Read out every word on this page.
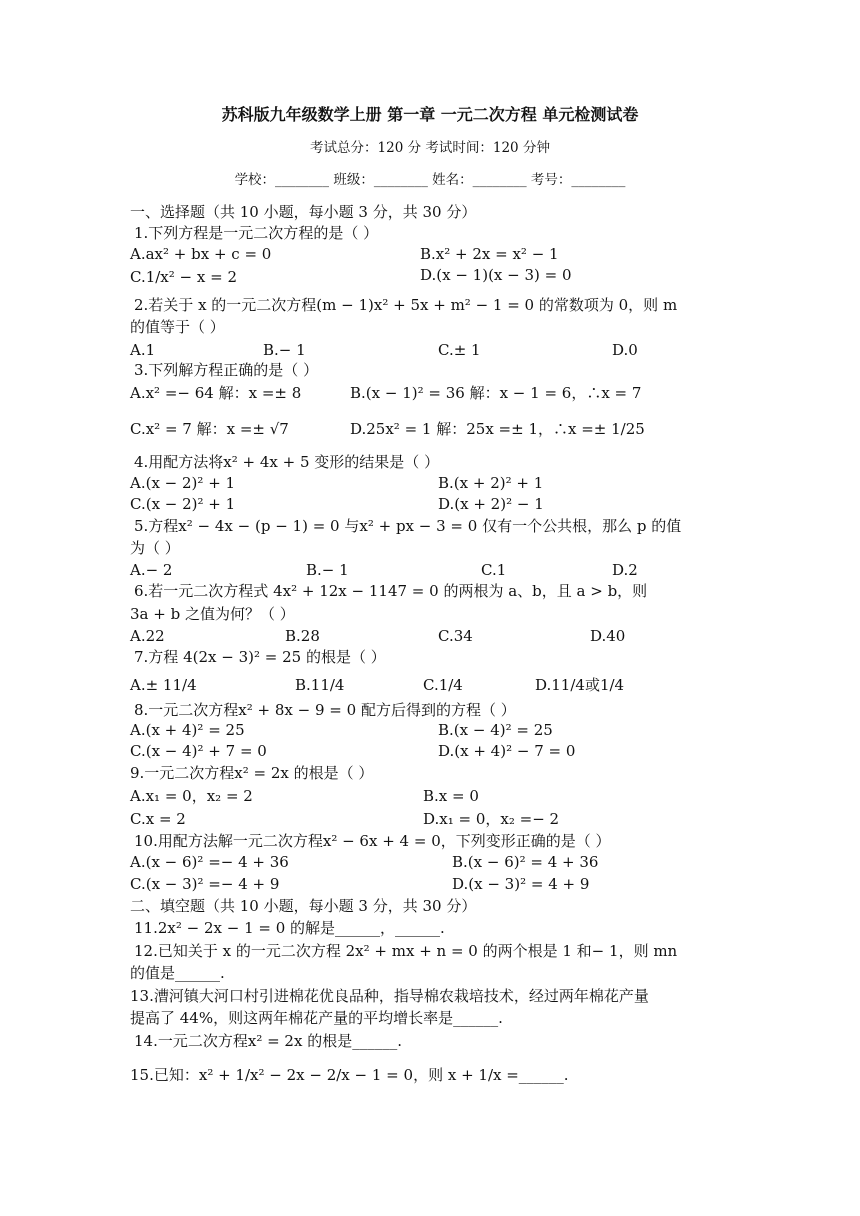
苏科版九年级数学上册 第一章 一元二次方程 单元检测试卷
考试总分：120 分 考试时间：120 分钟
学校：________ 班级：________ 姓名：________ 考号：________
一、选择题（共 10 小题，每小题 3 分，共 30 分）
1.下列方程是一元二次方程的是（ ）
A.ax² + bx + c = 0	B.x² + 2x = x² − 1
C.1/x² − x = 2	D.(x − 1)(x − 3) = 0
2.若关于 x 的一元二次方程(m − 1)x² + 5x + m² − 1 = 0 的常数项为 0，则 m
的值等于（ ）
A.1	B.− 1	C.± 1	D.0
3.下列解方程正确的是（ ）
A.x² =− 64 解：x =± 8	B.(x − 1)² = 36 解：x − 1 = 6，∴x = 7
C.x² = 7 解：x =± √7	D.25x² = 1 解：25x =± 1，∴x =± 1/25
4.用配方法将x² + 4x + 5 变形的结果是（ ）
A.(x − 2)² + 1	B.(x + 2)² + 1
C.(x − 2)² + 1	D.(x + 2)² − 1
5.方程x² − 4x − (p − 1) = 0 与x² + px − 3 = 0 仅有一个公共根，那么 p 的值
为（ ）
A.− 2	B.− 1	C.1	D.2
6.若一元二次方程式 4x² + 12x − 1147 = 0 的两根为 a、b，且 a > b，则
3a + b 之值为何？（ ）
A.22	B.28	C.34	D.40
7.方程 4(2x − 3)² = 25 的根是（ ）
A.± 11/4	B.11/4	C.1/4	D.11/4或1/4
8.一元二次方程x² + 8x − 9 = 0 配方后得到的方程（ ）
A.(x + 4)² = 25	B.(x − 4)² = 25
C.(x − 4)² + 7 = 0	D.(x + 4)² − 7 = 0
9.一元二次方程x² = 2x 的根是（ ）
A.x₁ = 0，x₂ = 2	B.x = 0
C.x = 2	D.x₁ = 0，x₂ =− 2
10.用配方法解一元二次方程x² − 6x + 4 = 0，下列变形正确的是（ ）
A.(x − 6)² =− 4 + 36	B.(x − 6)² = 4 + 36
C.(x − 3)² =− 4 + 9	D.(x − 3)² = 4 + 9
二、填空题（共 10 小题，每小题 3 分，共 30 分）
11.2x² − 2x − 1 = 0 的解是______，______.
12.已知关于 x 的一元二次方程 2x² + mx + n = 0 的两个根是 1 和− 1，则 mn
的值是______.
13.漕河镇大河口村引进棉花优良品种，指导棉农栽培技术，经过两年棉花产量
提高了 44%，则这两年棉花产量的平均增长率是______.
14.一元二次方程x² = 2x 的根是______.
15.已知：x² + 1/x² − 2x − 2/x − 1 = 0，则 x + 1/x =______.
